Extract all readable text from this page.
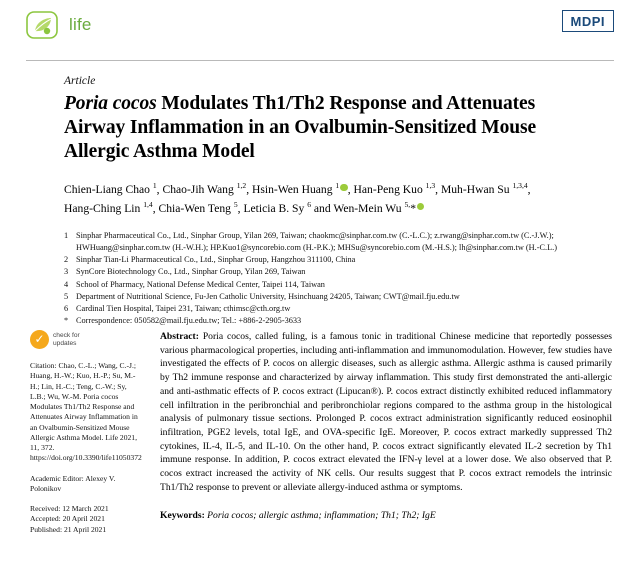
life	MDPI
Article
Poria cocos Modulates Th1/Th2 Response and Attenuates
Airway Inflammation in an Ovalbumin-Sensitized Mouse
Allergic Asthma Model
Chien-Liang Chao $^1$, Chao-Jih Wang $^{1,2}$, Hsin-Wen Huang $^1$ , Han-Peng Kuo $^{1,3}$, Muh-Hwan Su $^{1,3,4}$,
Hang-Ching Lin $^{1,4}$, Chia-Wen Teng $^5$, Leticia B. Sy $^6$ and Wen-Mein Wu $^{5,}$*
1 Sinphar Pharmaceutical Co., Ltd., Sinphar Group, Yilan 269, Taiwan; chaokmc@sinphar.com.tw (C.-L.C.); z.rwang@sinphar.com.tw (C.-J.W.); HWHuang@sinphar.com.tw (H.-W.H.); HP.Kuo1@syncorebio.com (H.-P.K.); MHSu@syncorebio.com (M.-H.S.); lh@sinphar.com.tw (H.-C.L.)
2 Sinphar Tian-Li Pharmaceutical Co., Ltd., Sinphar Group, Hangzhou 311100, China
3 SynCore Biotechnology Co., Ltd., Sinphar Group, Yilan 269, Taiwan
4 School of Pharmacy, National Defense Medical Center, Taipei 114, Taiwan
5 Department of Nutritional Science, Fu-Jen Catholic University, Hsinchuang 24205, Taiwan; CWT@mail.fju.edu.tw
6 Cardinal Tien Hospital, Taipei 231, Taiwan; cthimsc@cth.org.tw
* Correspondence: 050582@mail.fju.edu.tw; Tel.: +886-2-2905-3633
✓	check for
updates

Citation: Chao, C.-L.; Wang, C.-J.; Huang, H.-W.; Kuo, H.-P.; Su, M.-H.; Lin, H.-C.; Teng, C.-W.; Sy, L.B.; Wu, W.-M. Poria cocos Modulates Th1/Th2 Response and Attenuates Airway Inflammation in an Ovalbumin-Sensitized Mouse Allergic Asthma Model. Life 2021, 11, 372. https://doi.org/10.3390/life11050372

Academic Editor: Alexey V. Polonikov

Received: 12 March 2021

Accepted: 20 April 2021

Published: 21 April 2021

Abstract: Poria cocos, called fuling, is a famous tonic in traditional Chinese medicine that reportedly possesses various pharmacological properties, including anti-inflammation and immunomodulation. However, few studies have investigated the effects of P. cocos on allergic diseases, such as allergic asthma. Allergic asthma is caused primarily by Th2 immune response and characterized by airway inflammation. This study first demonstrated the anti-allergic and anti-asthmatic effects of P. cocos extract (Lipucan®). P. cocos extract distinctly exhibited reduced inflammatory cell infiltration in the peribronchial and peribronchiolar regions compared to the asthma group in the histological analysis of pulmonary tissue sections. Prolonged P. cocos extract administration significantly reduced eosinophil infiltration, PGE2 levels, total IgE, and OVA-specific IgE. Moreover, P. cocos extract markedly suppressed Th2 cytokines, IL-4, IL-5, and IL-10. On the other hand, P. cocos extract significantly elevated IL-2 secretion by Th1 immune response. In addition, P. cocos extract elevated the IFN-γ level at a lower dose. We also observed that P. cocos extract increased the activity of NK cells. Our results suggest that P. cocos extract remodels the intrinsic Th1/Th2 response to prevent or alleviate allergy-induced asthma or symptoms.
Keywords: Poria cocos; allergic asthma; inflammation; Th1; Th2; IgE
